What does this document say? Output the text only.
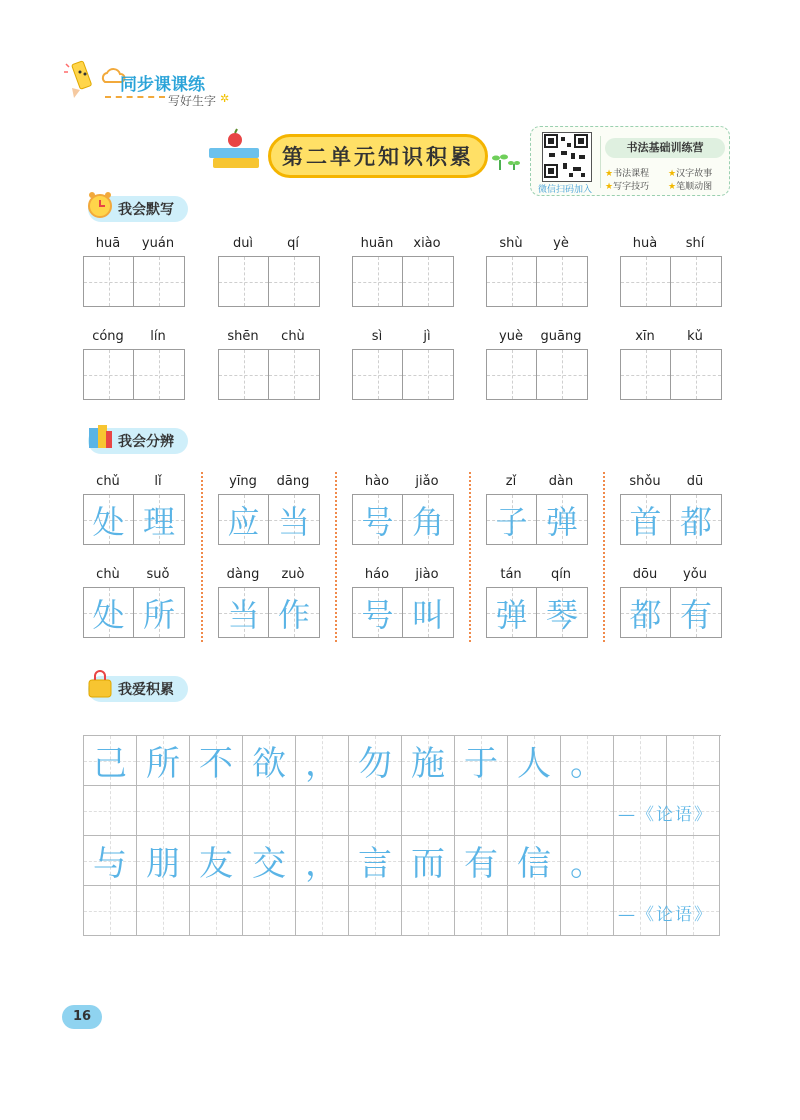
同步课课练
写好生字 ✲
第二单元知识积累
微信扫码加入
书法基础训练营
★书法课程 ★汉字故事
★写字技巧 ★笔顺动图
我会默写
huā	yuán	duì	qí	huān	xiào	shù	yè	huà	shí
cóng	lín	shēn	chù	sì	jì	yuè	guāng	xīn	kǔ
我会分辨
chǔ	lǐ
处 理
yīng	dāng
应 当
hào	jiǎo
号 角
zǐ	dàn
子 弹
shǒu	dū
首 都
chù	suǒ
处 所
dàng	zuò
当 作
háo	jiào
号 叫
tán	qín
弹 琴
dōu	yǒu
都 有
我爱积累
己 所 不 欲 ， 勿 施 于 人 。
—《论语》
与 朋 友 交 ， 言 而 有 信 。
—《论语》
16
